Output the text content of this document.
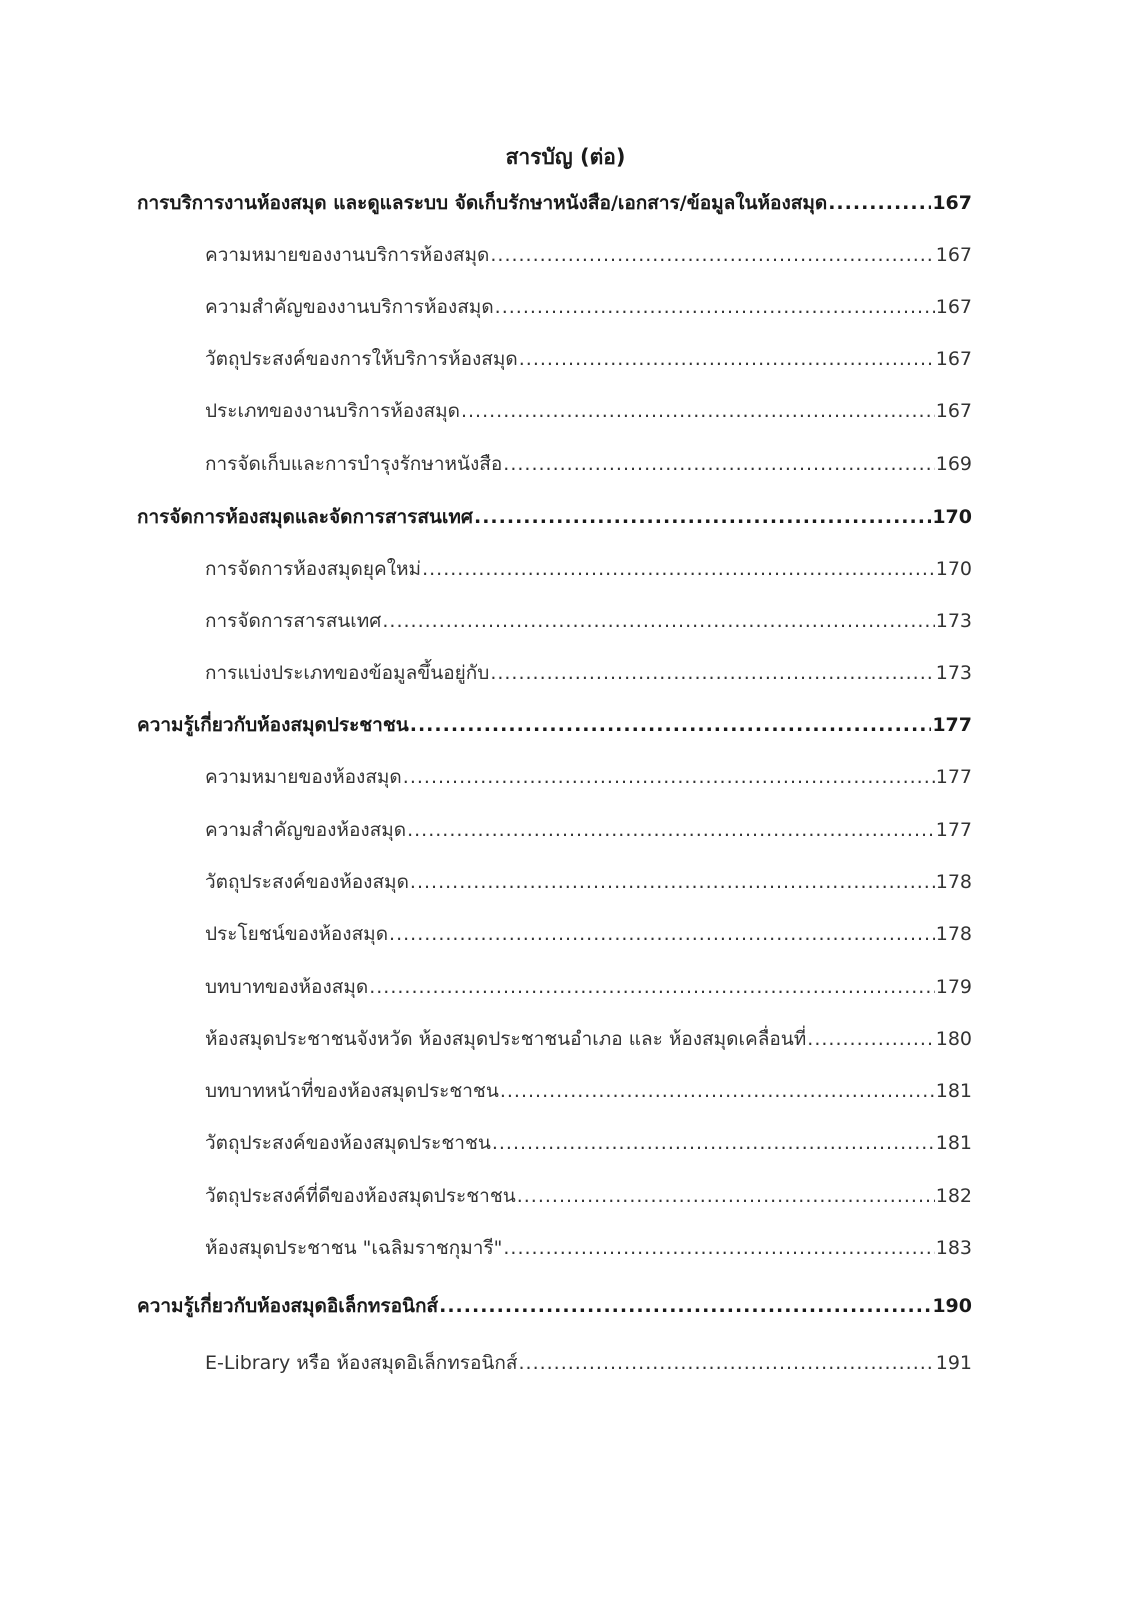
สารบัญ (ต่อ)
การบริการงานห้องสมุด และดูแลระบบ จัดเก็บรักษาหนังสือ/เอกสาร/ข้อมูลในห้องสมุด .....	167
ความหมายของงานบริการห้องสมุด .....	167
ความสำคัญของงานบริการห้องสมุด .....	167
วัตถุประสงค์ของการให้บริการห้องสมุด .....	167
ประเภทของงานบริการห้องสมุด .....	167
การจัดเก็บและการบำรุงรักษาหนังสือ .....	169
การจัดการห้องสมุดและจัดการสารสนเทศ .....	170
การจัดการห้องสมุดยุคใหม่ .....	170
การจัดการสารสนเทศ .....	173
การแบ่งประเภทของข้อมูลขึ้นอยู่กับ .....	173
ความรู้เกี่ยวกับห้องสมุดประชาชน .....	177
ความหมายของห้องสมุด .....	177
ความสำคัญของห้องสมุด .....	177
วัตถุประสงค์ของห้องสมุด .....	178
ประโยชน์ของห้องสมุด .....	178
บทบาทของห้องสมุด .....	179
ห้องสมุดประชาชนจังหวัด ห้องสมุดประชาชนอำเภอ และ ห้องสมุดเคลื่อนที่ .....	180
บทบาทหน้าที่ของห้องสมุดประชาชน .....	181
วัตถุประสงค์ของห้องสมุดประชาชน .....	181
วัตถุประสงค์ที่ดีของห้องสมุดประชาชน .....	182
ห้องสมุดประชาชน "เฉลิมราชกุมารี" .....	183
ความรู้เกี่ยวกับห้องสมุดอิเล็กทรอนิกส์ .....	190
E-Library หรือ ห้องสมุดอิเล็กทรอนิกส์ .....	191
